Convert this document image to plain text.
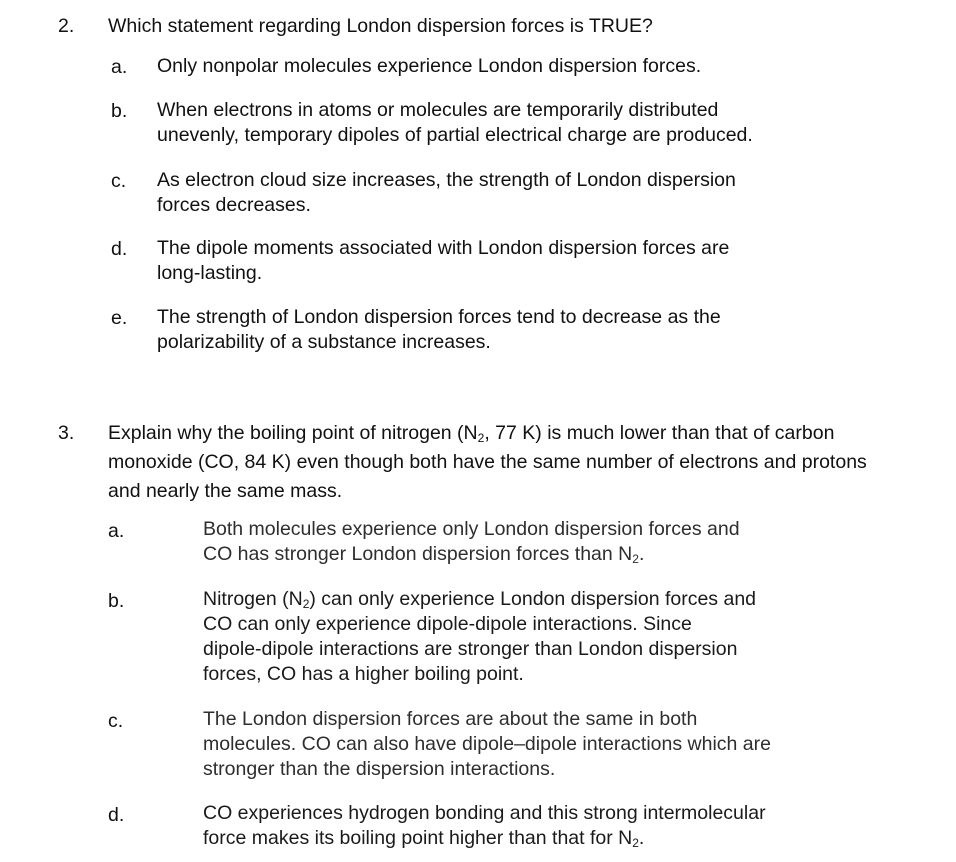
2. Which statement regarding London dispersion forces is TRUE?
a. Only nonpolar molecules experience London dispersion forces.
b. When electrons in atoms or molecules are temporarily distributed
unevenly, temporary dipoles of partial electrical charge are produced.
c. As electron cloud size increases, the strength of London dispersion
forces decreases.
d. The dipole moments associated with London dispersion forces are
long-lasting.
e. The strength of London dispersion forces tend to decrease as the
polarizability of a substance increases.
3. Explain why the boiling point of nitrogen ($N_2$, 77 K) is much lower than that of carbon
monoxide (CO, 84 K) even though both have the same number of electrons and protons
and nearly the same mass.
a.	Both molecules experience only London dispersion forces and
CO has stronger London dispersion forces than $N_2$.
b.	Nitrogen $(N_2)$ can only experience London dispersion forces and
CO can only experience dipole-dipole interactions. Since
dipole-dipole interactions are stronger than London dispersion
forces, CO has a higher boiling point.
c.	The London dispersion forces are about the same in both
molecules. CO can also have dipole–dipole interactions which are
stronger than the dispersion interactions.
d.	CO experiences hydrogen bonding and this strong intermolecular
force makes its boiling point higher than that for $N_2$.
